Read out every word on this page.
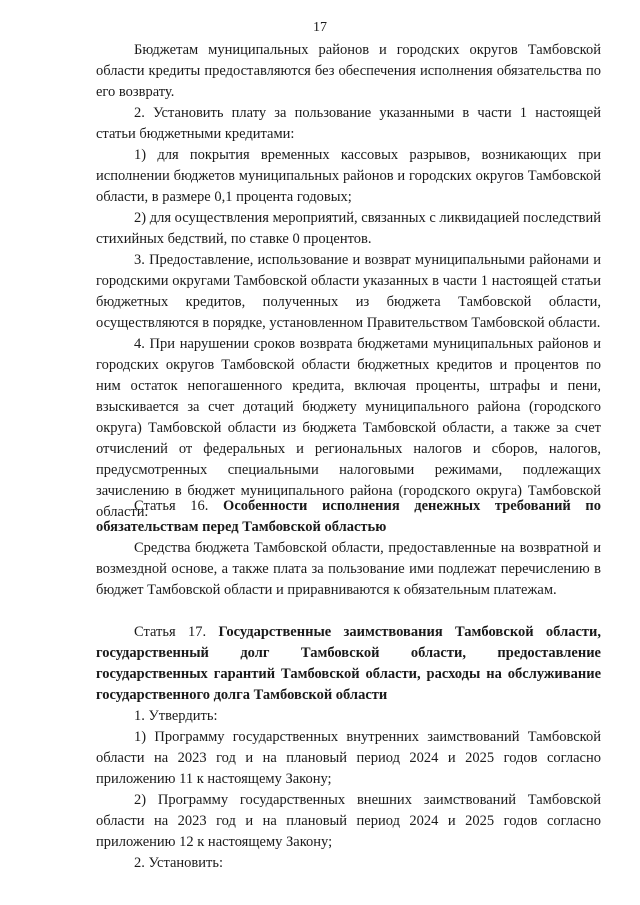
17

Бюджетам муниципальных районов и городских округов Тамбовской области кредиты предоставляются без обеспечения исполнения обязательства по его возврату.

2. Установить плату за пользование указанными в части 1 настоящей статьи бюджетными кредитами:

1) для покрытия временных кассовых разрывов, возникающих при исполнении бюджетов муниципальных районов и городских округов Тамбовской области, в размере 0,1 процента годовых;

2) для осуществления мероприятий, связанных с ликвидацией последствий стихийных бедствий, по ставке 0 процентов.

3. Предоставление, использование и возврат муниципальными районами и городскими округами Тамбовской области указанных в части 1 настоящей статьи бюджетных кредитов, полученных из бюджета Тамбовской области, осуществляются в порядке, установленном Правительством Тамбовской области.

4. При нарушении сроков возврата бюджетами муниципальных районов и городских округов Тамбовской области бюджетных кредитов и процентов по ним остаток непогашенного кредита, включая проценты, штрафы и пени, взыскивается за счет дотаций бюджету муниципального района (городского округа) Тамбовской области из бюджета Тамбовской области, а также за счет отчислений от федеральных и региональных налогов и сборов, налогов, предусмотренных специальными налоговыми режимами, подлежащих зачислению в бюджет муниципального района (городского округа) Тамбовской области.

Статья 16. Особенности исполнения денежных требований по обязательствам перед Тамбовской областью

Средства бюджета Тамбовской области, предоставленные на возвратной и возмездной основе, а также плата за пользование ими подлежат перечислению в бюджет Тамбовской области и приравниваются к обязательным платежам.

Статья 17. Государственные заимствования Тамбовской области, государственный долг Тамбовской области, предоставление государственных гарантий Тамбовской области, расходы на обслуживание государственного долга Тамбовской области

1. Утвердить:

1) Программу государственных внутренних заимствований Тамбовской области на 2023 год и на плановый период 2024 и 2025 годов согласно приложению 11 к настоящему Закону;

2) Программу государственных внешних заимствований Тамбовской области на 2023 год и на плановый период 2024 и 2025 годов согласно приложению 12 к настоящему Закону;

2. Установить:
